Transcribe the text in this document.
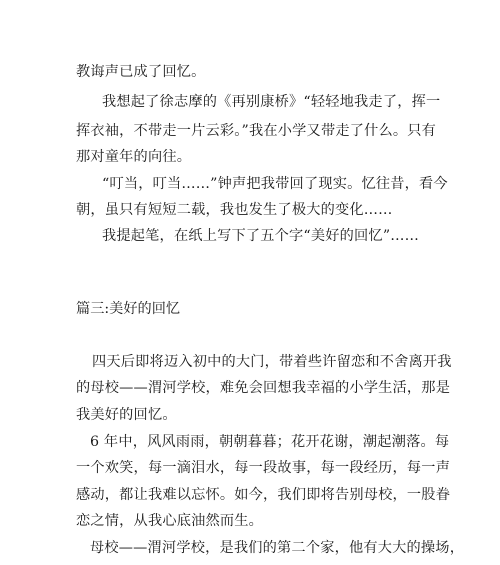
教诲声已成了回忆。
我想起了徐志摩的《再别康桥》“轻轻地我走了，挥一
挥衣袖，不带走一片云彩。”我在小学又带走了什么。只有
那对童年的向往。
“叮当，叮当……”钟声把我带回了现实。忆往昔，看今
朝，虽只有短短二载，我也发生了极大的变化……
我提起笔，在纸上写下了五个字“美好的回忆”……
篇三:美好的回忆
四天后即将迈入初中的大门，带着些许留恋和不舍离开我
的母校——渭河学校，难免会回想我幸福的小学生活，那是
我美好的回忆。
6 年中，风风雨雨，朝朝暮暮；花开花谢，潮起潮落。每
一个欢笑，每一滴泪水，每一段故事，每一段经历，每一声
感动，都让我难以忘怀。如今，我们即将告别母校，一股眷
恋之情，从我心底油然而生。
母校——渭河学校，是我们的第二个家，他有大大的操场，
